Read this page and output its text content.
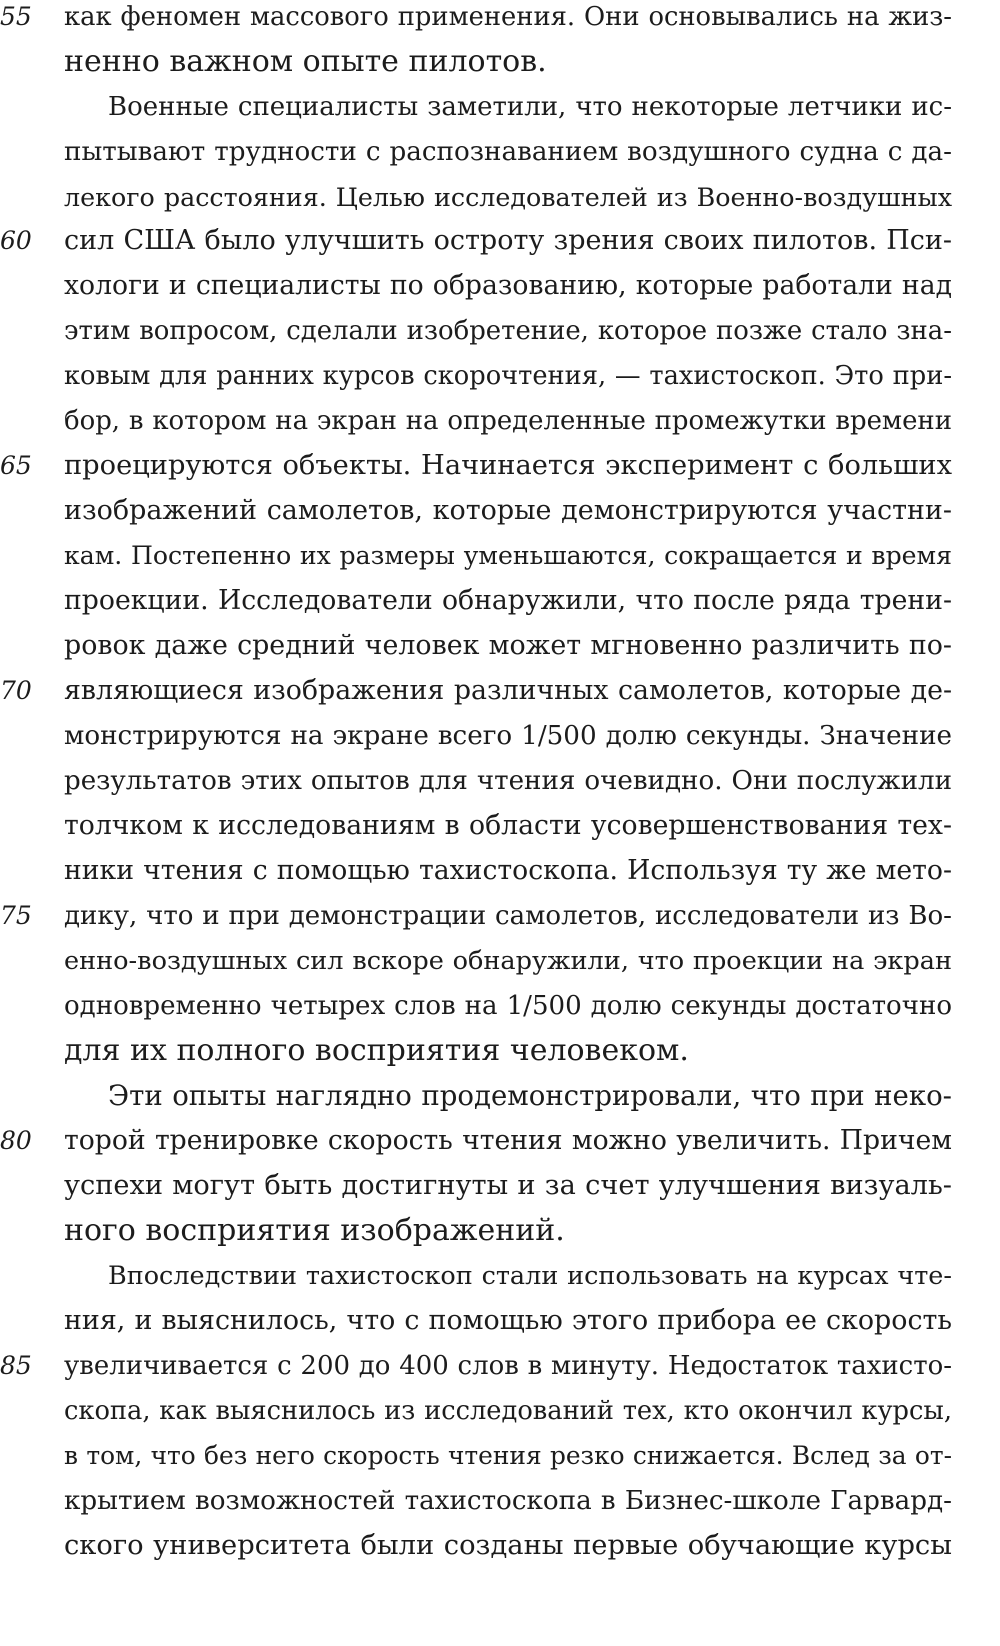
55
60
65
70
75
80
85
как феномен массового применения. Они основывались на жиз-
ненно важном опыте пилотов.
Военные специалисты заметили, что некоторые летчики ис-
пытывают трудности с распознаванием воздушного судна с да-
лекого расстояния. Целью исследователей из Военно-воздушных
сил США было улучшить остроту зрения своих пилотов. Пси-
хологи и специалисты по образованию, которые работали над
этим вопросом, сделали изобретение, которое позже стало зна-
ковым для ранних курсов скорочтения, — тахистоскоп. Это при-
бор, в котором на экран на определенные промежутки времени
проецируются объекты. Начинается эксперимент с больших
изображений самолетов, которые демонстрируются участни-
кам. Постепенно их размеры уменьшаются, сокращается и время
проекции. Исследователи обнаружили, что после ряда трени-
ровок даже средний человек может мгновенно различить по-
являющиеся изображения различных самолетов, которые де-
монстрируются на экране всего 1/500 долю секунды. Значение
результатов этих опытов для чтения очевидно. Они послужили
толчком к исследованиям в области усовершенствования тех-
ники чтения с помощью тахистоскопа. Используя ту же мето-
дику, что и при демонстрации самолетов, исследователи из Во-
енно-воздушных сил вскоре обнаружили, что проекции на экран
одновременно четырех слов на 1/500 долю секунды достаточно
для их полного восприятия человеком.
Эти опыты наглядно продемонстрировали, что при неко-
торой тренировке скорость чтения можно увеличить. Причем
успехи могут быть достигнуты и за счет улучшения визуаль-
ного восприятия изображений.
Впоследствии тахистоскоп стали использовать на курсах чте-
ния, и выяснилось, что с помощью этого прибора ее скорость
увеличивается с 200 до 400 слов в минуту. Недостаток тахисто-
скопа, как выяснилось из исследований тех, кто окончил курсы,
в том, что без него скорость чтения резко снижается. Вслед за от-
крытием возможностей тахистоскопа в Бизнес-школе Гарвард-
ского университета были созданы первые обучающие курсы
